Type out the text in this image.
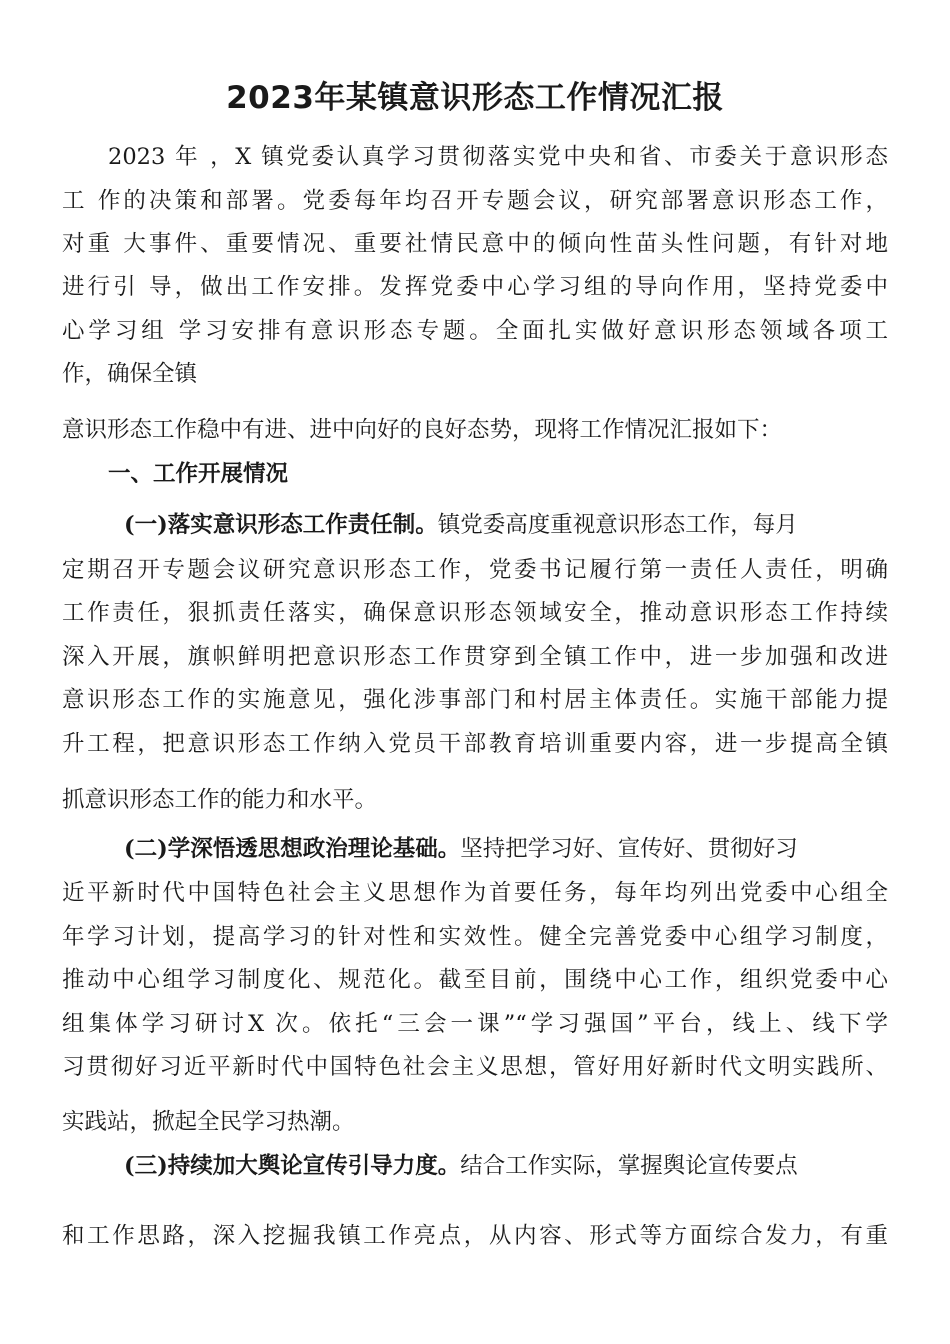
2023年某镇意识形态工作情况汇报

2023 年 ，X 镇党委认真学习贯彻落实党中央和省、市委关于意识形态

工 作的决策和部署。党委每年均召开专题会议，研究部署意识形态工作，

对重 大事件、重要情况、重要社情民意中的倾向性苗头性问题，有针对地

进行引 导，做出工作安排。发挥党委中心学习组的导向作用，坚持党委中

心学习组 学习安排有意识形态专题。全面扎实做好意识形态领域各项工

作，确保全镇

意识形态工作稳中有进、进中向好的良好态势，现将工作情况汇报如下：

一、工作开展情况

(一)落实意识形态工作责任制。镇党委高度重视意识形态工作，每月

定期召开专题会议研究意识形态工作，党委书记履行第一责任人责任，明确

工作责任，狠抓责任落实，确保意识形态领域安全，推动意识形态工作持续

深入开展，旗帜鲜明把意识形态工作贯穿到全镇工作中，进一步加强和改进

意识形态工作的实施意见，强化涉事部门和村居主体责任。实施干部能力提

升工程，把意识形态工作纳入党员干部教育培训重要内容，进一步提高全镇

抓意识形态工作的能力和水平。

(二)学深悟透思想政治理论基础。坚持把学习好、宣传好、贯彻好习

近平新时代中国特色社会主义思想作为首要任务，每年均列出党委中心组全

年学习计划，提高学习的针对性和实效性。健全完善党委中心组学习制度，

推动中心组学习制度化、规范化。截至目前，围绕中心工作，组织党委中心

组集体学习研讨X 次。依托“三会一课”“学习强国”平台，线上、线下学

习贯彻好习近平新时代中国特色社会主义思想，管好用好新时代文明实践所、

实践站，掀起全民学习热潮。

(三)持续加大舆论宣传引导力度。结合工作实际，掌握舆论宣传要点

和工作思路，深入挖掘我镇工作亮点，从内容、形式等方面综合发力，有重
